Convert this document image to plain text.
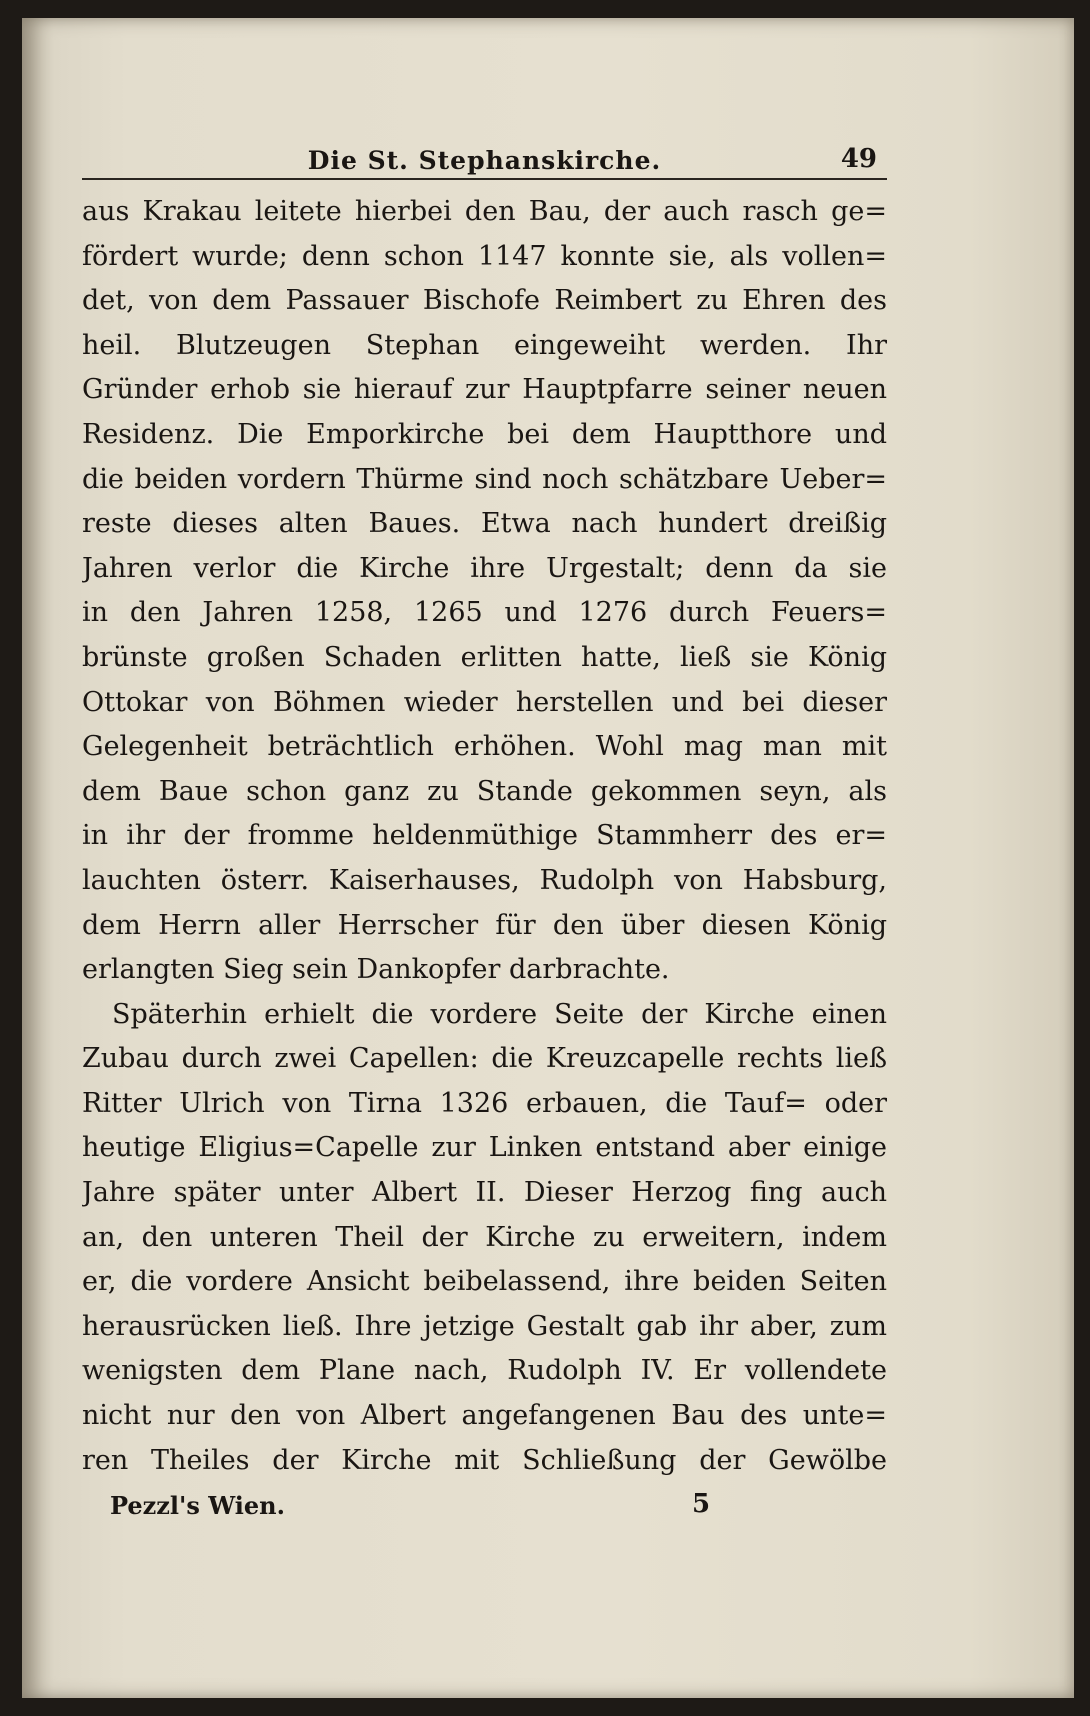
Die St. Stephanskirche.	49
aus Krakau leitete hierbei den Bau, der auch rasch ge=
fördert wurde; denn schon 1147 konnte sie, als vollen=
det, von dem Passauer Bischofe Reimbert zu Ehren des
heil. Blutzeugen Stephan eingeweiht werden. Ihr
Gründer erhob sie hierauf zur Hauptpfarre seiner neuen
Residenz. Die Emporkirche bei dem Hauptthore und
die beiden vordern Thürme sind noch schätzbare Ueber=
reste dieses alten Baues. Etwa nach hundert dreißig
Jahren verlor die Kirche ihre Urgestalt; denn da sie
in den Jahren 1258, 1265 und 1276 durch Feuers=
brünste großen Schaden erlitten hatte, ließ sie König
Ottokar von Böhmen wieder herstellen und bei dieser
Gelegenheit beträchtlich erhöhen. Wohl mag man mit
dem Baue schon ganz zu Stande gekommen seyn, als
in ihr der fromme heldenmüthige Stammherr des er=
lauchten österr. Kaiserhauses, Rudolph von Habsburg,
dem Herrn aller Herrscher für den über diesen König
erlangten Sieg sein Dankopfer darbrachte.
Späterhin erhielt die vordere Seite der Kirche einen
Zubau durch zwei Capellen: die Kreuzcapelle rechts ließ
Ritter Ulrich von Tirna 1326 erbauen, die Tauf= oder
heutige Eligius=Capelle zur Linken entstand aber einige
Jahre später unter Albert II. Dieser Herzog fing auch
an, den unteren Theil der Kirche zu erweitern, indem
er, die vordere Ansicht beibelassend, ihre beiden Seiten
herausrücken ließ. Ihre jetzige Gestalt gab ihr aber, zum
wenigsten dem Plane nach, Rudolph IV. Er vollendete
nicht nur den von Albert angefangenen Bau des unte=
ren Theiles der Kirche mit Schließung der Gewölbe
Pezzl's Wien.	5
